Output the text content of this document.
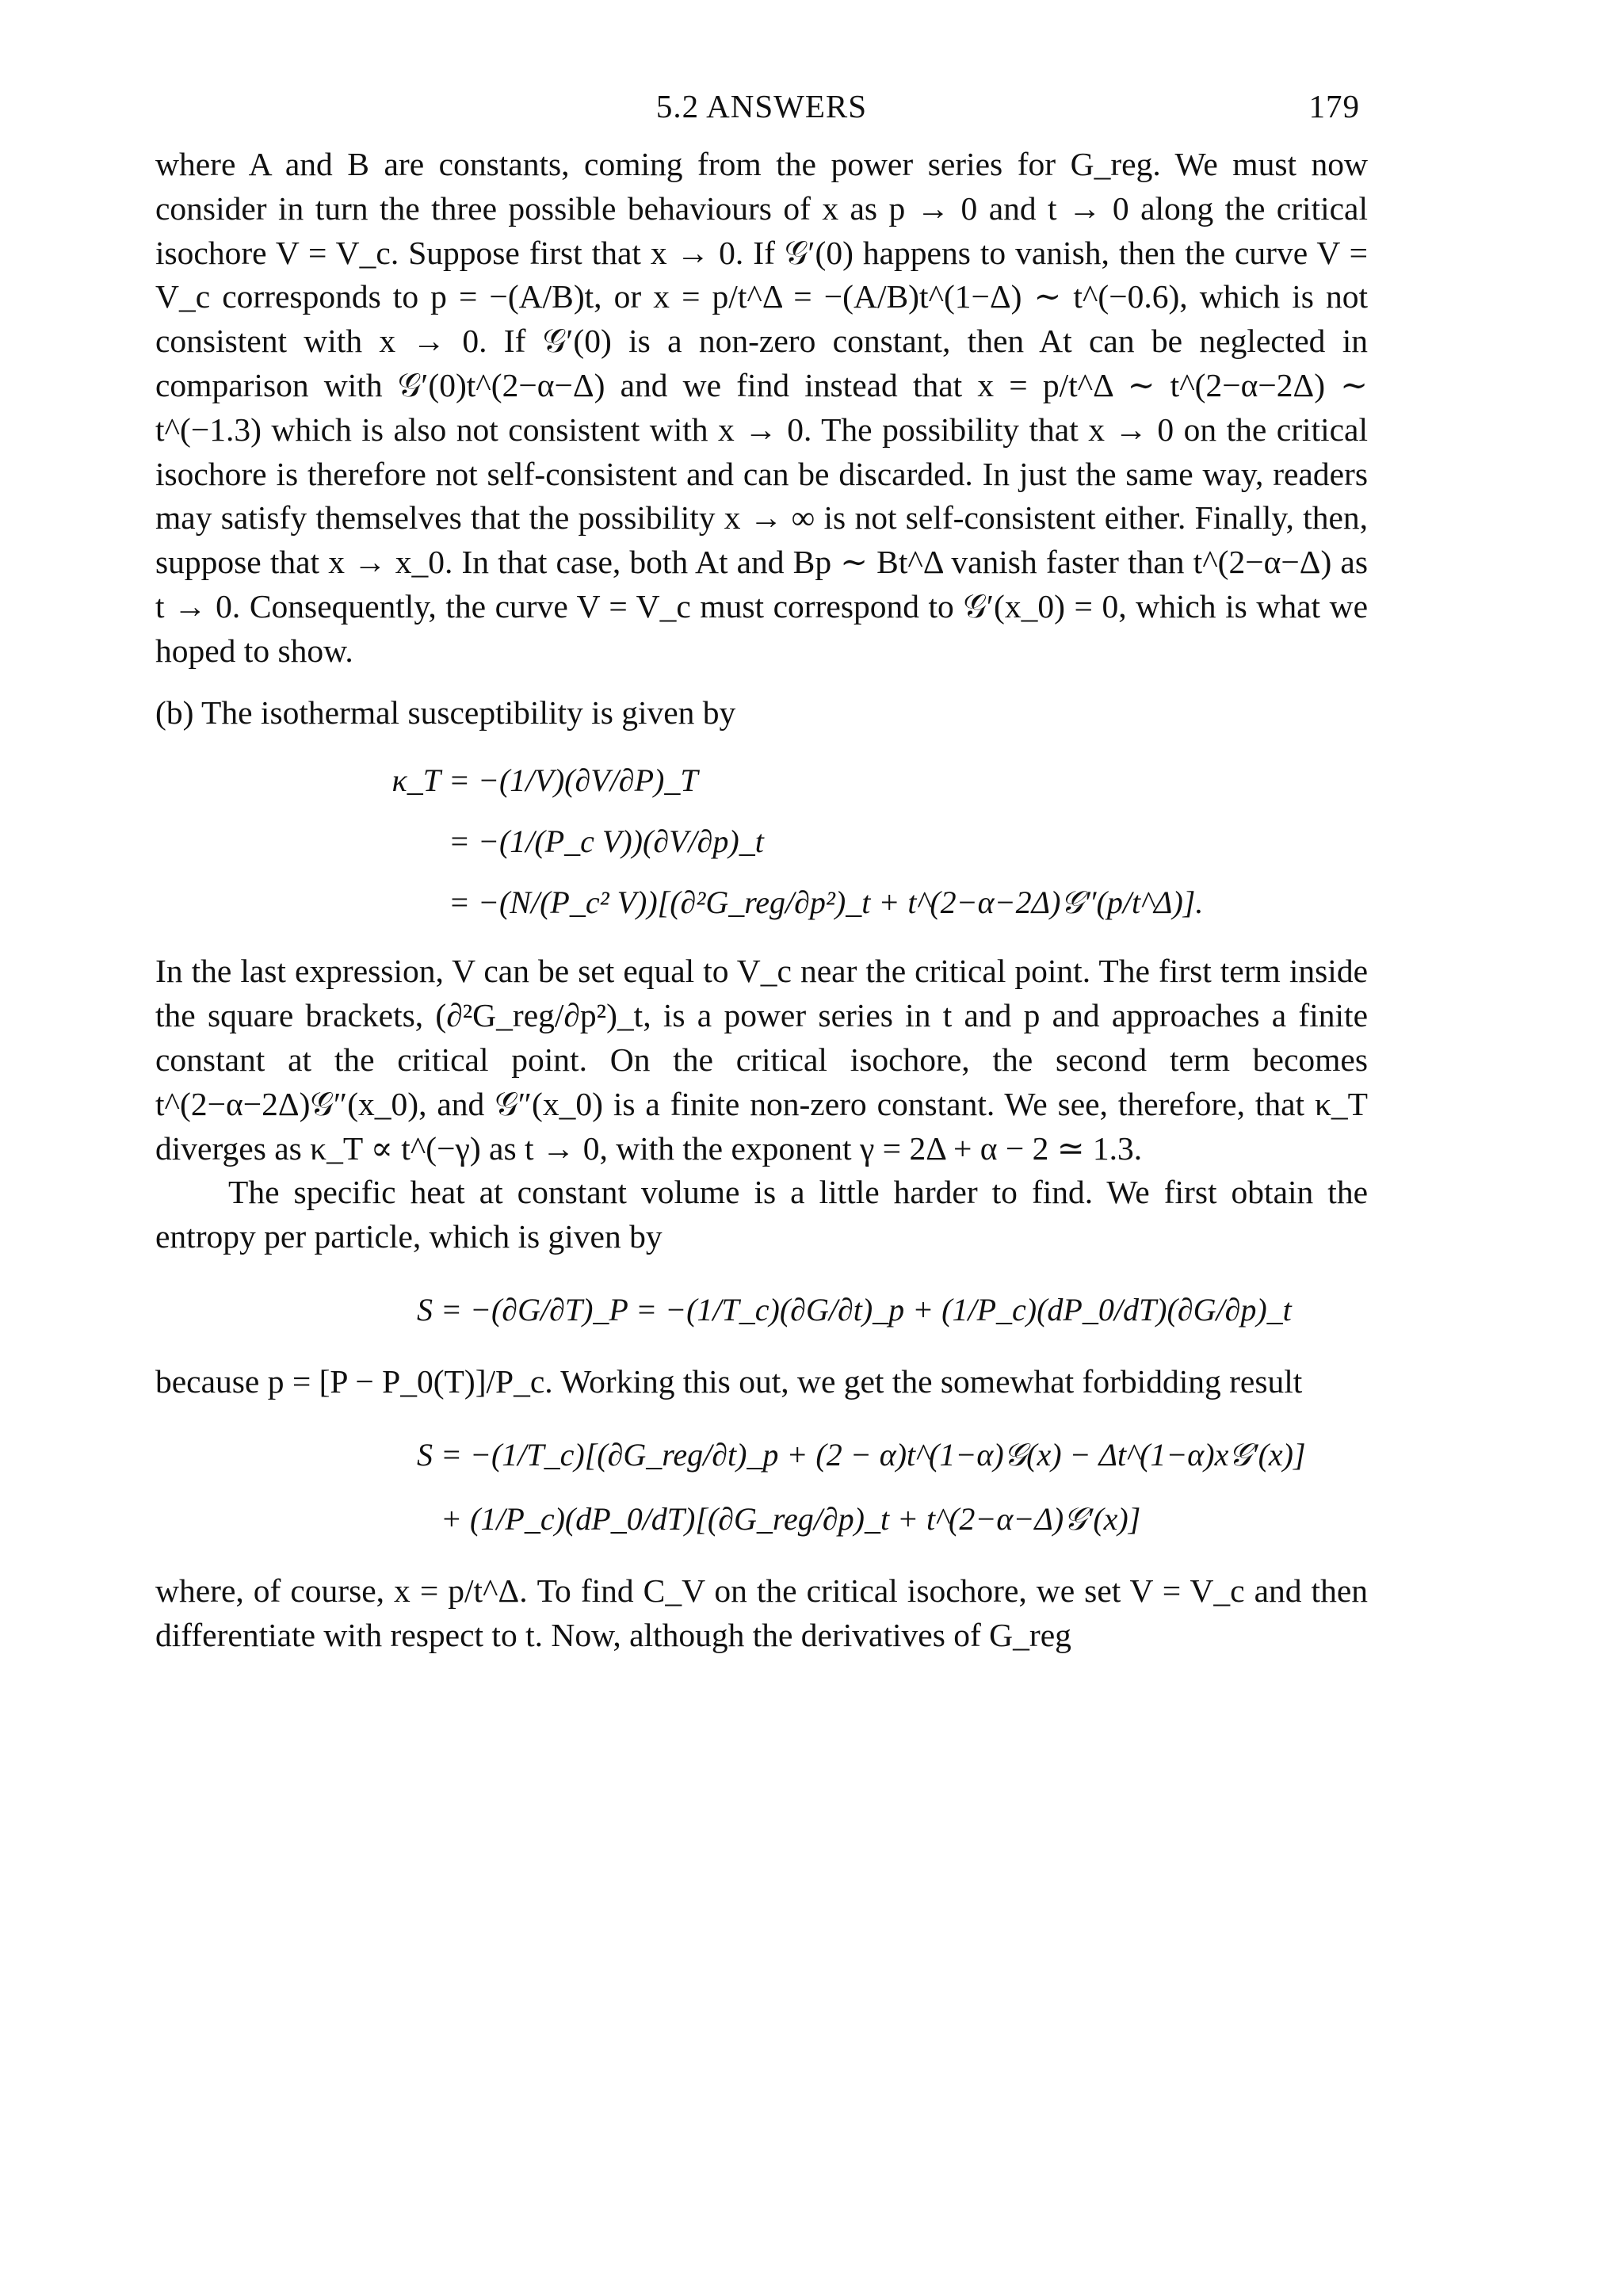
5.2 ANSWERS	179

where A and B are constants, coming from the power series for G_reg. We must now consider in turn the three possible behaviours of x as p → 0 and t → 0 along the critical isochore V = V_c. Suppose first that x → 0. If 𝒢′(0) happens to vanish, then the curve V = V_c corresponds to p = −(A/B)t, or x = p/t^Δ = −(A/B)t^(1−Δ) ∼ t^(−0.6), which is not consistent with x → 0. If 𝒢′(0) is a non-zero constant, then At can be neglected in comparison with 𝒢′(0)t^(2−α−Δ) and we find instead that x = p/t^Δ ∼ t^(2−α−2Δ) ∼ t^(−1.3) which is also not consistent with x → 0. The possibility that x → 0 on the critical isochore is therefore not self-consistent and can be discarded. In just the same way, readers may satisfy themselves that the possibility x → ∞ is not self-consistent either. Finally, then, suppose that x → x_0. In that case, both At and Bp ∼ Bt^Δ vanish faster than t^(2−α−Δ) as t → 0. Consequently, the curve V = V_c must correspond to 𝒢′(x_0) = 0, which is what we hoped to show.

(b) The isothermal susceptibility is given by

κ_T = −(1/V)(∂V/∂P)_T
= −(1/(P_c V))(∂V/∂p)_t
= −(N/(P_c² V))[(∂²G_reg/∂p²)_t + t^(2−α−2Δ)𝒢″(p/t^Δ)].

In the last expression, V can be set equal to V_c near the critical point. The first term inside the square brackets, (∂²G_reg/∂p²)_t, is a power series in t and p and approaches a finite constant at the critical point. On the critical isochore, the second term becomes t^(2−α−2Δ)𝒢″(x_0), and 𝒢″(x_0) is a finite non-zero constant. We see, therefore, that κ_T diverges as κ_T ∝ t^(−γ) as t → 0, with the exponent γ = 2Δ + α − 2 ≃ 1.3.

The specific heat at constant volume is a little harder to find. We first obtain the entropy per particle, which is given by

S = −(∂G/∂T)_P = −(1/T_c)(∂G/∂t)_p + (1/P_c)(dP_0/dT)(∂G/∂p)_t

because p = [P − P_0(T)]/P_c. Working this out, we get the somewhat forbidding result

S = −(1/T_c)[(∂G_reg/∂t)_p + (2 − α)t^(1−α)𝒢(x) − Δt^(1−α)x𝒢′(x)]
+ (1/P_c)(dP_0/dT)[(∂G_reg/∂p)_t + t^(2−α−Δ)𝒢′(x)]

where, of course, x = p/t^Δ. To find C_V on the critical isochore, we set V = V_c and then differentiate with respect to t. Now, although the derivatives of G_reg
